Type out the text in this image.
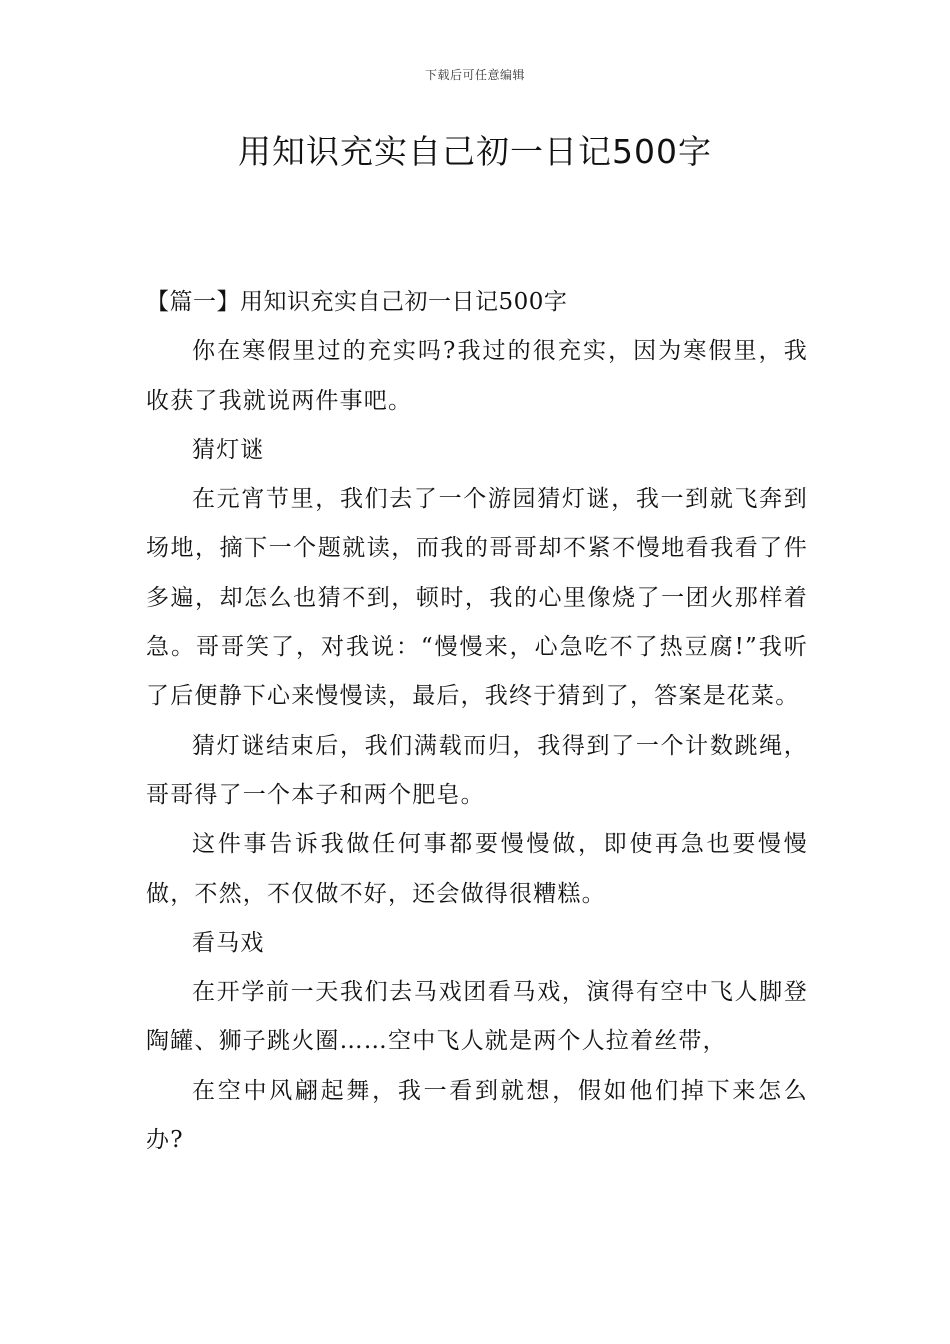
下载后可任意编辑
用知识充实自己初一日记500字

【篇一】用知识充实自己初一日记500字

你在寒假里过的充实吗?我过的很充实，因为寒假里，我收获了我就说两件事吧。

猜灯谜

在元宵节里，我们去了一个游园猜灯谜，我一到就飞奔到场地，摘下一个题就读，而我的哥哥却不紧不慢地看我看了件多遍，却怎么也猜不到，顿时，我的心里像烧了一团火那样着急。哥哥笑了，对我说：“慢慢来，心急吃不了热豆腐!”我听了后便静下心来慢慢读，最后，我终于猜到了，答案是花菜。

猜灯谜结束后，我们满载而归，我得到了一个计数跳绳，哥哥得了一个本子和两个肥皂。

这件事告诉我做任何事都要慢慢做，即使再急也要慢慢做，不然，不仅做不好，还会做得很糟糕。

看马戏

在开学前一天我们去马戏团看马戏，演得有空中飞人脚登陶罐、狮子跳火圈……空中飞人就是两个人拉着丝带，

在空中风翩起舞，我一看到就想，假如他们掉下来怎么办?
